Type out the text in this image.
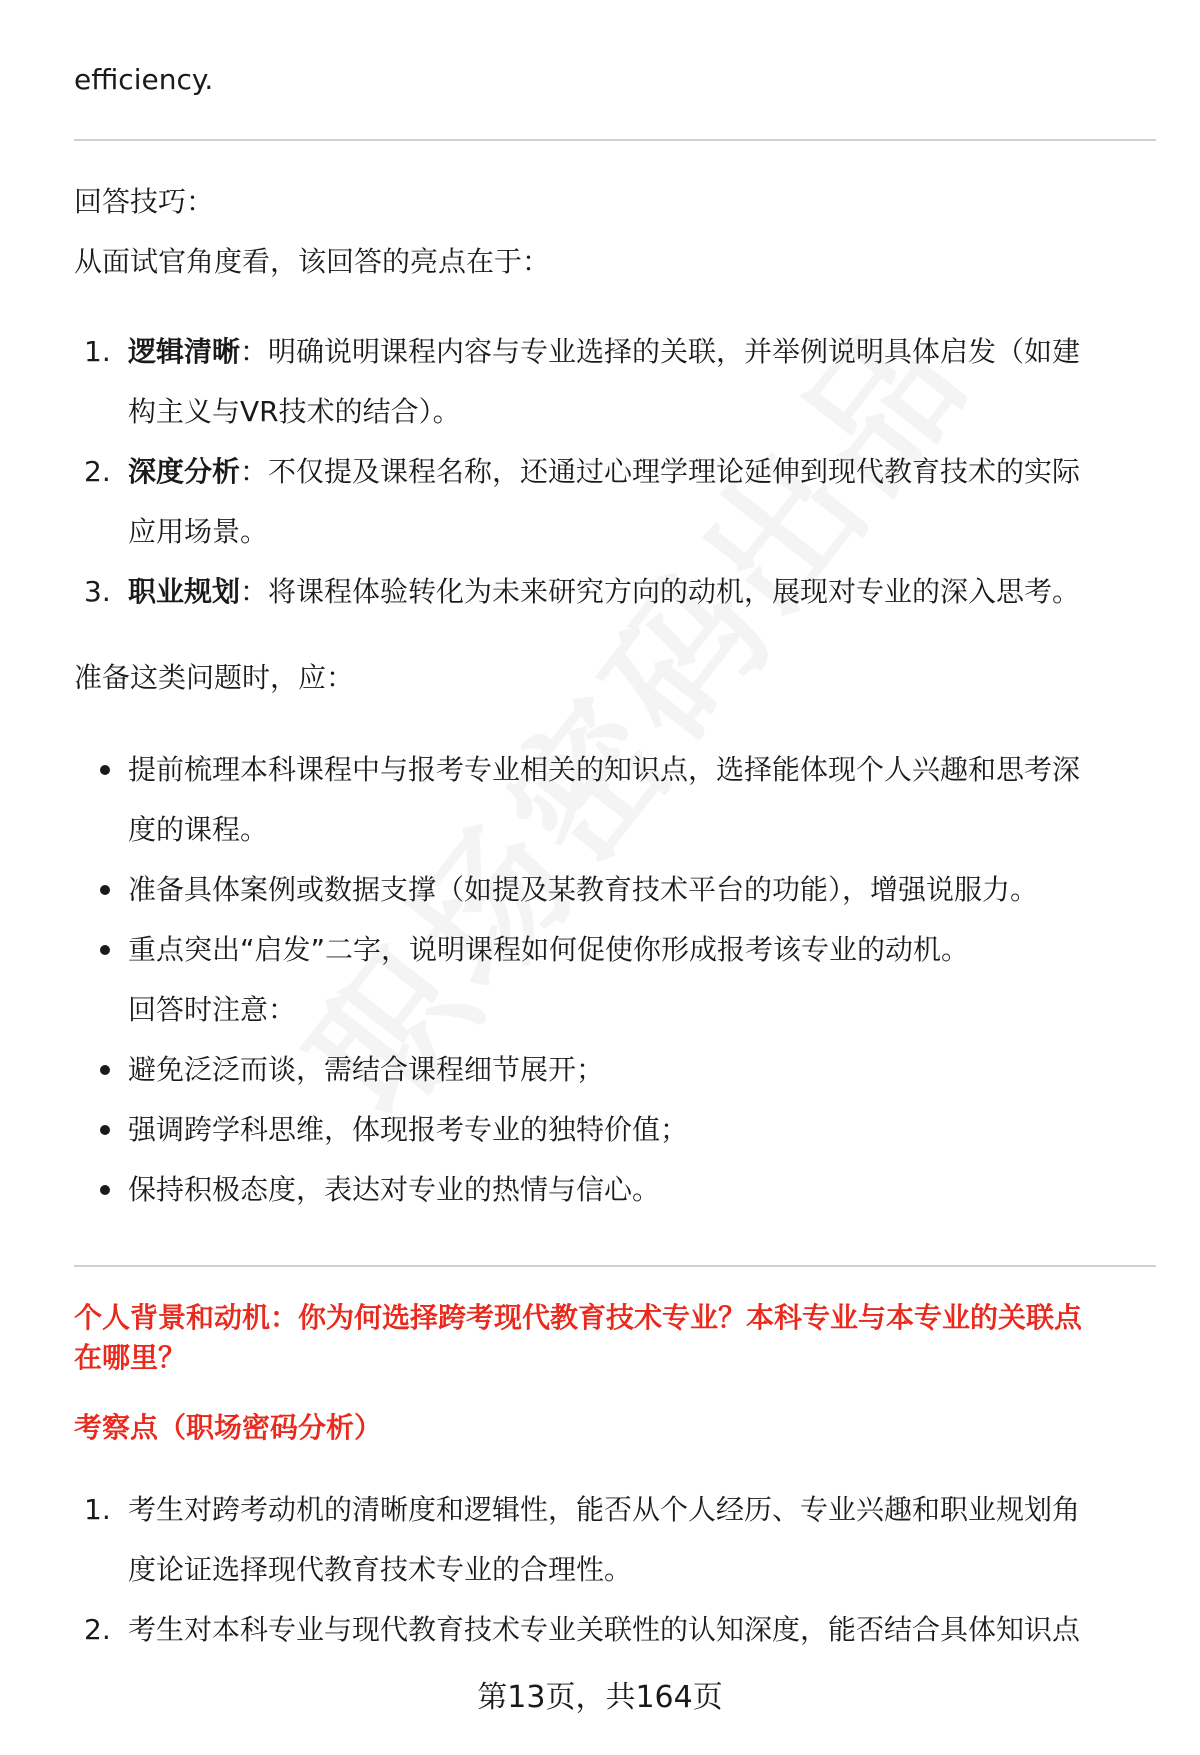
efficiency.
回答技巧：
从面试官角度看，该回答的亮点在于：
1. 逻辑清晰：明确说明课程内容与专业选择的关联，并举例说明具体启发（如建
构主义与VR技术的结合）。
2. 深度分析：不仅提及课程名称，还通过心理学理论延伸到现代教育技术的实际
应用场景。
3. 职业规划：将课程体验转化为未来研究方向的动机，展现对专业的深入思考。
准备这类问题时，应：
提前梳理本科课程中与报考专业相关的知识点，选择能体现个人兴趣和思考深
度的课程。
准备具体案例或数据支撑（如提及某教育技术平台的功能），增强说服力。
重点突出“启发”二字，说明课程如何促使你形成报考该专业的动机。
回答时注意：
避免泛泛而谈，需结合课程细节展开；
强调跨学科思维，体现报考专业的独特价值；
保持积极态度，表达对专业的热情与信心。
个人背景和动机：你为何选择跨考现代教育技术专业？本科专业与本专业的关联点
在哪里？
考察点（职场密码分析）
1. 考生对跨考动机的清晰度和逻辑性，能否从个人经历、专业兴趣和职业规划角
度论证选择现代教育技术专业的合理性。
2. 考生对本科专业与现代教育技术专业关联性的认知深度，能否结合具体知识点
第13页，共164页
